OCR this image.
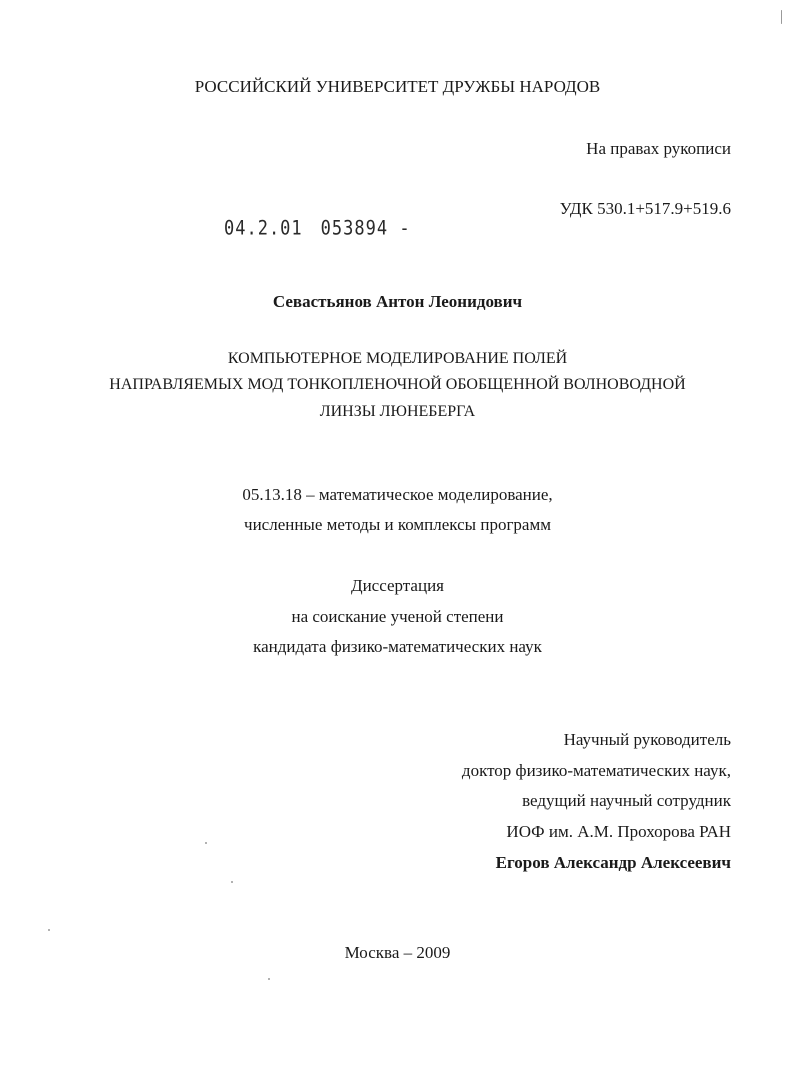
РОССИЙСКИЙ УНИВЕРСИТЕТ ДРУЖБЫ НАРОДОВ
На правах рукописи
УДК 530.1+517.9+519.6
04.2.01 053894 -
Севастьянов Антон Леонидович
КОМПЬЮТЕРНОЕ МОДЕЛИРОВАНИЕ ПОЛЕЙ
НАПРАВЛЯЕМЫХ МОД ТОНКОПЛЕНОЧНОЙ ОБОБЩЕННОЙ ВОЛНОВОДНОЙ
ЛИНЗЫ ЛЮНЕБЕРГА
05.13.18 – математическое моделирование,
численные методы и комплексы программ
Диссертация
на соискание ученой степени
кандидата физико-математических наук
Научный руководитель
доктор физико-математических наук,
ведущий научный сотрудник
ИОФ им. А.М. Прохорова РАН
Егоров Александр Алексеевич
Москва – 2009
